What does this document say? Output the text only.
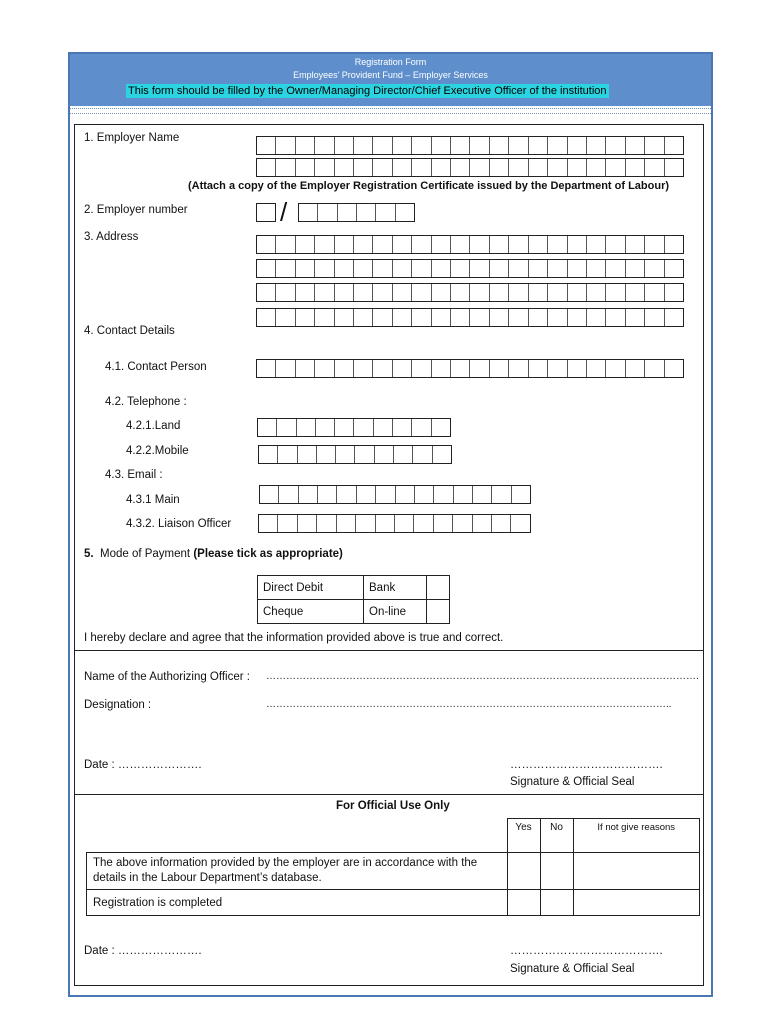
Registration Form
Employees’ Provident Fund – Employer Services
This form should be filled by the Owner/Managing Director/Chief Executive Officer of the institution
1. Employer Name
(Attach a copy of the Employer Registration Certificate issued by the Department of Labour)
2. Employer number	/
3. Address
4. Contact Details
4.1. Contact Person
4.2. Telephone :
4.2.1.Land
4.2.2.Mobile
4.3. Email :
4.3.1 Main
4.3.2. Liaison Officer
5. Mode of Payment (Please tick as appropriate)
Direct Debit	Bank	
Cheque	On-line	
I hereby declare and agree that the information provided above is true and correct.
Name of the Authorizing Officer : ………………………………………………………………………………………………………………….
Designation :	…………………………………………………………………………………………………………..
Date : ………………….	………………………………….
Signature & Official Seal
For Official Use Only
	Yes	No	If not give reasons
The above information provided by the employer are in accordance with the details in the Labour Department’s database.			
Registration is completed			
Date : ………………….	………………………………….
Signature & Official Seal
